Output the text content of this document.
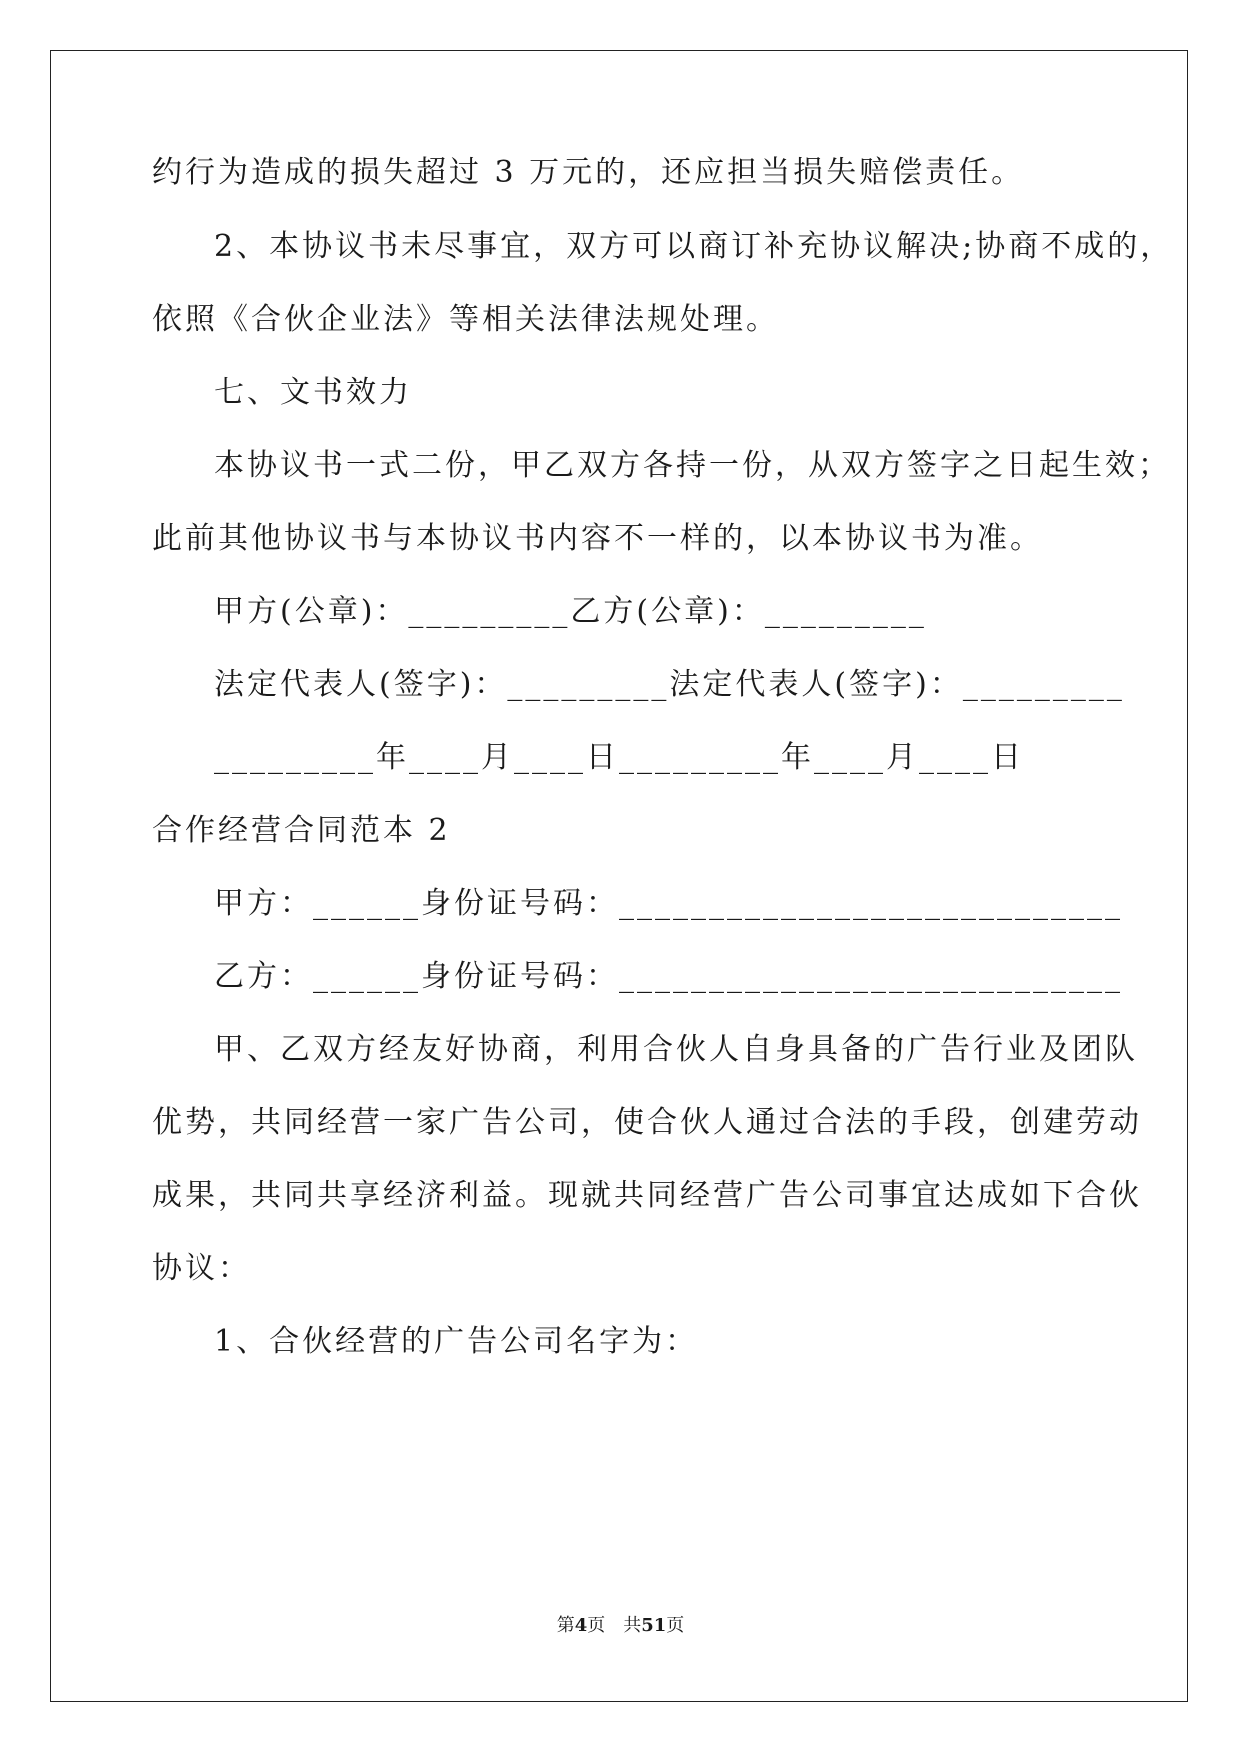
约行为造成的损失超过 3 万元的，还应担当损失赔偿责任。
2、本协议书未尽事宜，双方可以商订补充协议解决;协商不成的，
依照《合伙企业法》等相关法律法规处理。
七、文书效力
本协议书一式二份，甲乙双方各持一份，从双方签字之日起生效；
此前其他协议书与本协议书内容不一样的，以本协议书为准。
甲方(公章)：_________乙方(公章)：_________
法定代表人(签字)：_________法定代表人(签字)：_________
_________年____月____日_________年____月____日
合作经营合同范本 2
甲方：______身份证号码：____________________________
乙方：______身份证号码：____________________________
甲、乙双方经友好协商，利用合伙人自身具备的广告行业及团队
优势，共同经营一家广告公司，使合伙人通过合法的手段，创建劳动
成果，共同共享经济利益。现就共同经营广告公司事宜达成如下合伙
协议：
1、合伙经营的广告公司名字为：
第4页 共51页
